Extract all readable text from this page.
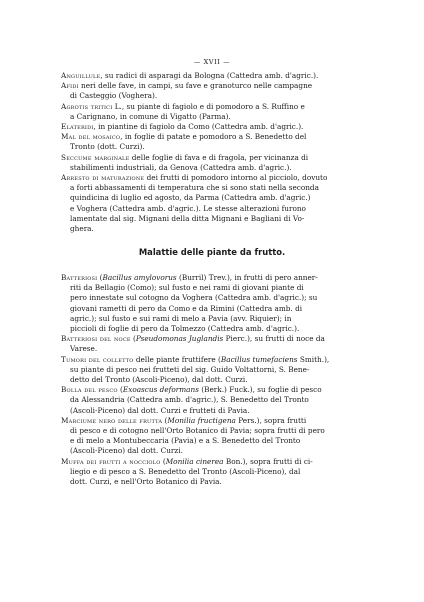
— XVII —
Anguillule, su radici di asparagi da Bologna (Cattedra amb. d'agric.).
Afidi neri delle fave, in campi, su fave e granoturco nelle campagne
di Casteggio (Voghera).
Agrotis tritici L., su piante di fagiolo e di pomodoro a S. Ruffino e
a Carignano, in comune di Vigatto (Parma).
Elateridi, in piantine di fagiolo da Como (Cattedra amb. d'agric.).
Mal del mosaico, in foglie di patate e pomodoro a S. Benedetto del
Tronto (dott. Curzi).
Seccume marginale delle foglie di fava e di fragola, per vicinanza di
stabilimenti industriali, da Genova (Cattedra amb. d'agric.).
Arresto di maturazione dei frutti di pomodoro intorno al picciolo, dovuto
a forti abbassamenti di temperatura che si sono stati nella seconda
quindicina di luglio ed agosto, da Parma (Cattedra amb. d'agric.)
e Voghera (Cattedra amb. d'agric.). Le stesse alterazioni furono
lamentate dal sig. Mignani della ditta Mignani e Bagliani di Vo-
ghera.
Malattie delle piante da frutto.
Batteriosi (Bacillus amylovorus (Burril) Trev.), in frutti di pero anner-
riti da Bellagio (Como); sul fusto e nei rami di giovani piante di
pero innestate sul cotogno da Voghera (Cattedra amb. d'agric.); su
giovani rametti di pero da Como e da Rimini (Cattedra amb. di
agric.); sul fusto e sui rami di melo a Pavia (avv. Riquier); in
piccioli di foglie di pero da Tolmezzo (Cattedra amb. d'agric.).
Batteriosi del noce (Pseudomonas Juglandis Pierc.), su frutti di noce da
Varese.
Tumori del colletto delle piante fruttifere (Bacillus tumefaciens Smith.),
su piante di pesco nei frutteti del sig. Guido Voltattorni, S. Bene-
detto del Tronto (Ascoli-Piceno), dal dott. Curzi.
Bolla del pesco (Exoascus deformans (Berk.) Fuck.), su foglie di pesco
da Alessandria (Cattedra amb. d'agric.), S. Benedetto del Tronto
(Ascoli-Piceno) dal dott. Curzi e frutteti di Pavia.
Marciume nero delle frutta (Monilia fructigena Pers.), sopra frutti
di pesco e di cotogno nell'Orto Botanico di Pavia; sopra frutti di pero
e di melo a Montubeccaria (Pavia) e a S. Benedetto del Tronto
(Ascoli-Piceno) dal dott. Curzi.
Muffa dei frutti a nocciolo (Monilia cinerea Bon.), sopra frutti di ci-
liegio e di pesco a S. Benedetto del Tronto (Ascoli-Piceno), dal
dott. Curzi, e nell'Orto Botanico di Pavia.
